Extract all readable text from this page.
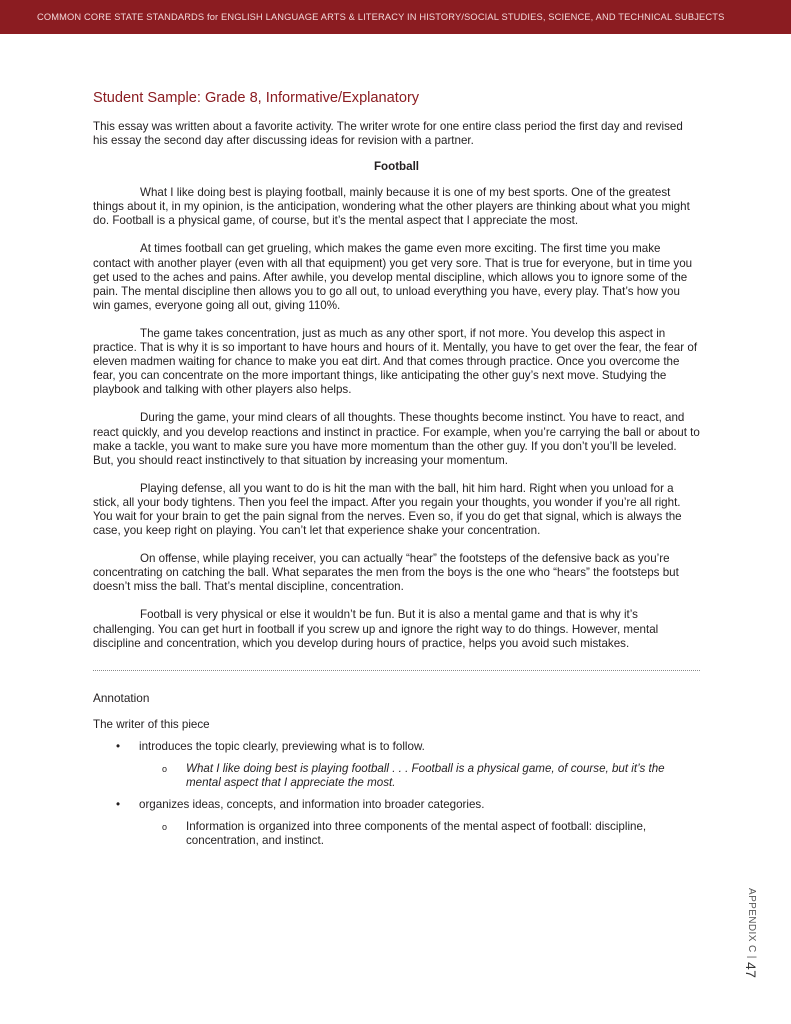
COMMON CORE STATE STANDARDS for ENGLISH LANGUAGE ARTS & LITERACY IN HISTORY/SOCIAL STUDIES, SCIENCE, AND TECHNICAL SUBJECTS
Student Sample: Grade 8, Informative/Explanatory

This essay was written about a favorite activity. The writer wrote for one entire class period the first day and revised his essay the second day after discussing ideas for revision with a partner.

Football

What I like doing best is playing football, mainly because it is one of my best sports. One of the greatest things about it, in my opinion, is the anticipation, wondering what the other players are thinking about what you might do. Football is a physical game, of course, but it’s the mental aspect that I appreciate the most.

At times football can get grueling, which makes the game even more exciting. The first time you make contact with another player (even with all that equipment) you get very sore. That is true for everyone, but in time you get used to the aches and pains. After awhile, you develop mental discipline, which allows you to ignore some of the pain. The mental discipline then allows you to go all out, to unload everything you have, every play. That’s how you win games, everyone going all out, giving 110%.

The game takes concentration, just as much as any other sport, if not more. You develop this aspect in practice. That is why it is so important to have hours and hours of it. Mentally, you have to get over the fear, the fear of eleven madmen waiting for chance to make you eat dirt. And that comes through practice. Once you overcome the fear, you can concentrate on the more important things, like anticipating the other guy’s next move. Studying the playbook and talking with other players also helps.

During the game, your mind clears of all thoughts. These thoughts become instinct. You have to react, and react quickly, and you develop reactions and instinct in practice. For example, when you’re carrying the ball or about to make a tackle, you want to make sure you have more momentum than the other guy. If you don’t you’ll be leveled. But, you should react instinctively to that situation by increasing your momentum.

Playing defense, all you want to do is hit the man with the ball, hit him hard. Right when you unload for a stick, all your body tightens. Then you feel the impact. After you regain your thoughts, you wonder if you’re all right. You wait for your brain to get the pain signal from the nerves. Even so, if you do get that signal, which is always the case, you keep right on playing. You can’t let that experience shake your concentration.

On offense, while playing receiver, you can actually “hear” the footsteps of the defensive back as you’re concentrating on catching the ball. What separates the men from the boys is the one who “hears” the footsteps but doesn’t miss the ball. That’s mental discipline, concentration.

Football is very physical or else it wouldn’t be fun. But it is also a mental game and that is why it’s challenging. You can get hurt in football if you screw up and ignore the right way to do things. However, mental discipline and concentration, which you develop during hours of practice, helps you avoid such mistakes.

Annotation

The writer of this piece

• introduces the topic clearly, previewing what is to follow.
o What I like doing best is playing football . . . Football is a physical game, of course, but it’s the mental aspect that I appreciate the most.
• organizes ideas, concepts, and information into broader categories.
o Information is organized into three components of the mental aspect of football: discipline, concentration, and instinct.
APPENDIX C | 47
